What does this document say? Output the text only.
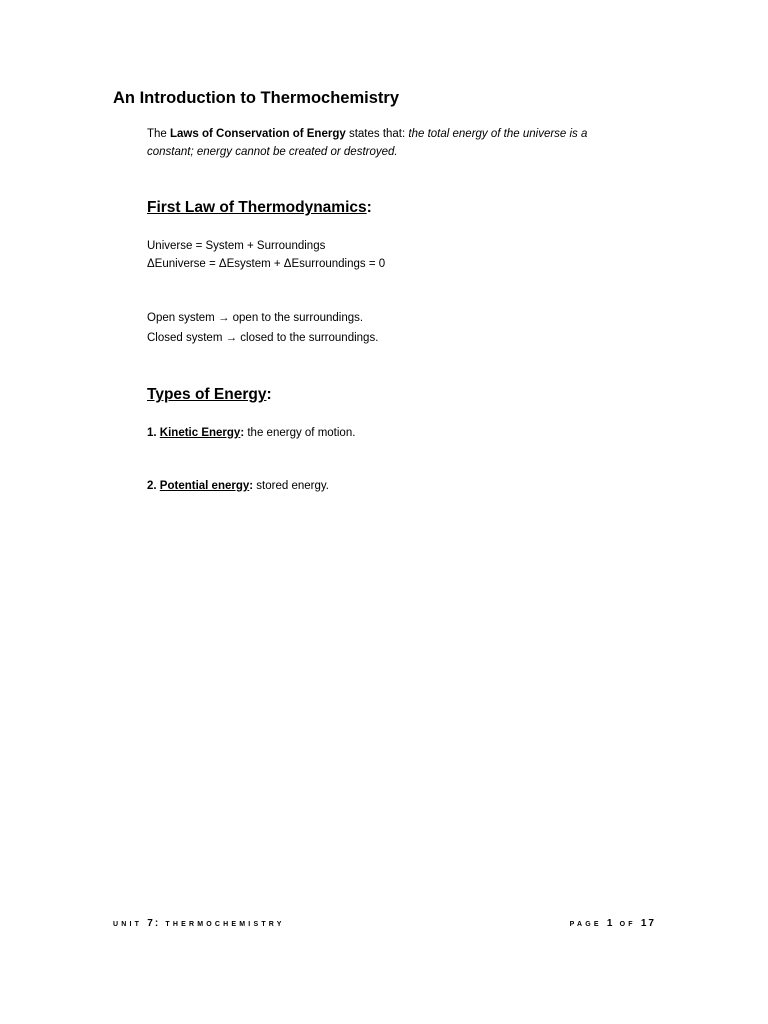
An Introduction to Thermochemistry

The Laws of Conservation of Energy states that: the total energy of the universe is a constant; energy cannot be created or destroyed.

First Law of Thermodynamics:

Universe = System + Surroundings

ΔEuniverse = ΔEsystem + ΔEsurroundings = 0

Open system → open to the surroundings.

Closed system → closed to the surroundings.

Types of Energy:

1. Kinetic Energy: the energy of motion.

2. Potential energy: stored energy.

UNIT 7: THERMOCHEMISTRY	PAGE 1 OF 17
